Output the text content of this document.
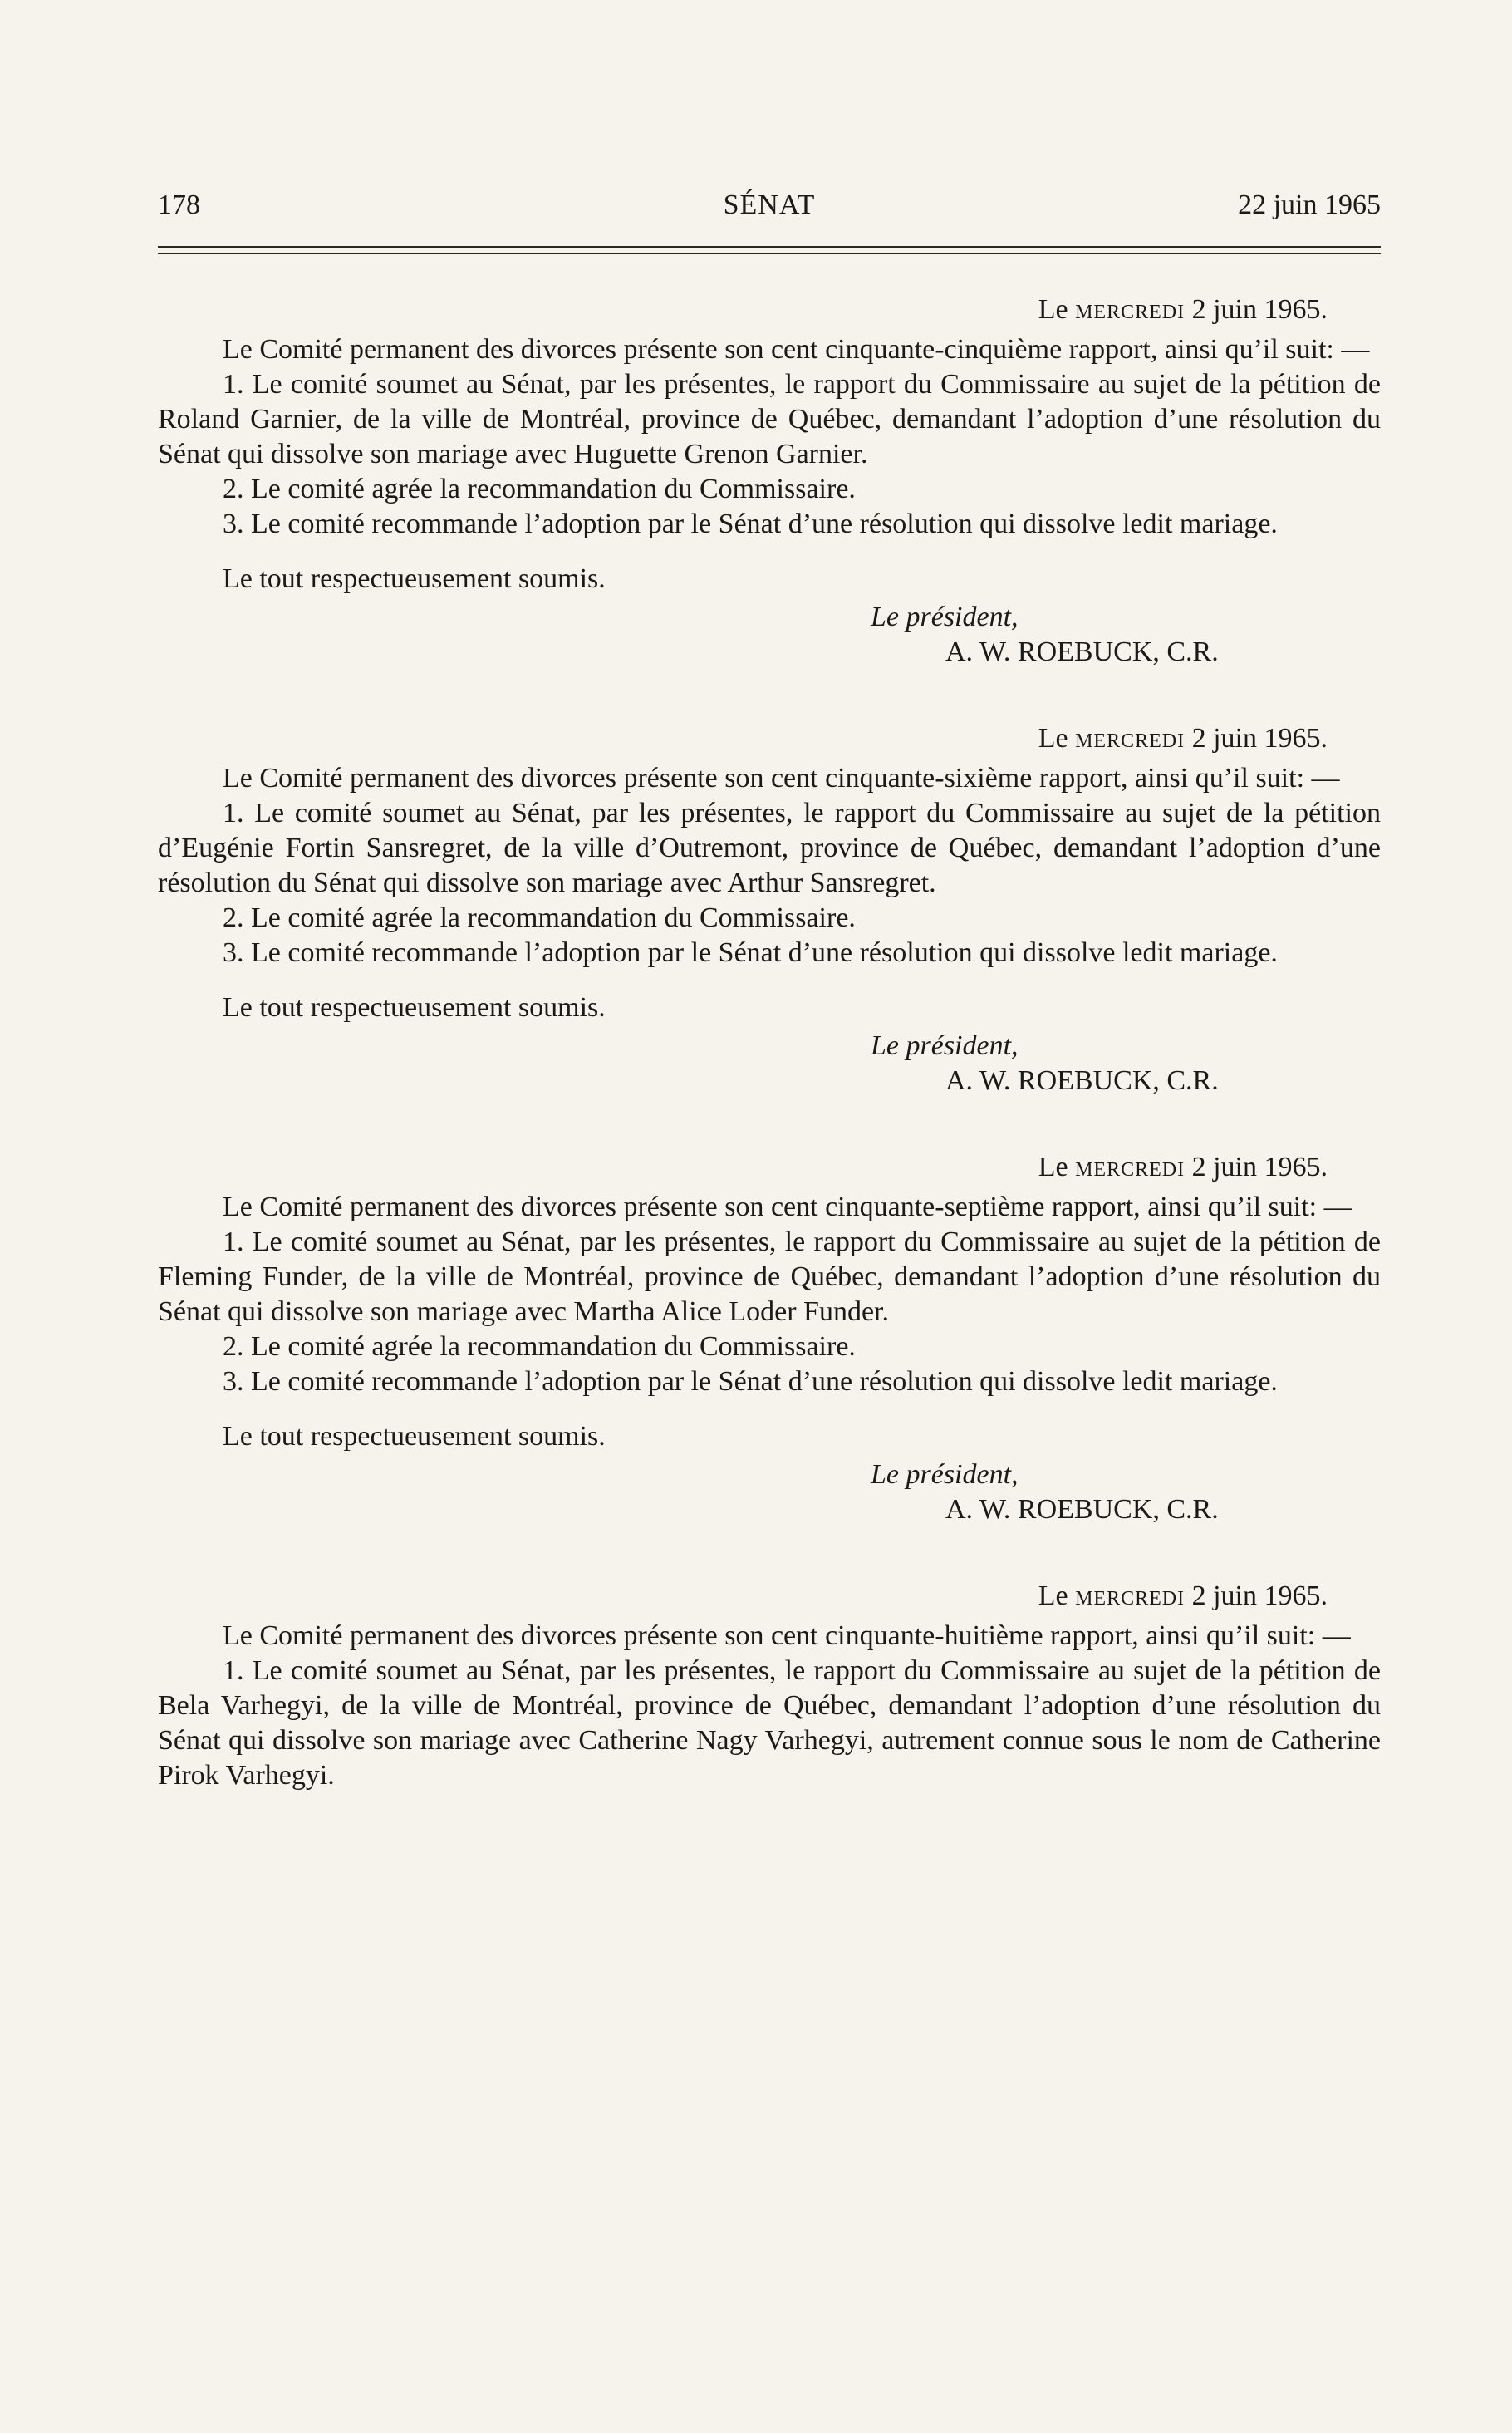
178	SÉNAT	22 juin 1965
Le mercredi 2 juin 1965.

Le Comité permanent des divorces présente son cent cinquante-cinquième rapport, ainsi qu’il suit: —

1. Le comité soumet au Sénat, par les présentes, le rapport du Commissaire au sujet de la pétition de Roland Garnier, de la ville de Montréal, province de Québec, demandant l’adoption d’une résolution du Sénat qui dissolve son mariage avec Huguette Grenon Garnier.

2. Le comité agrée la recommandation du Commissaire.

3. Le comité recommande l’adoption par le Sénat d’une résolution qui dissolve ledit mariage.

Le tout respectueusement soumis.

Le président,
A. W. ROEBUCK, C.R.
Le mercredi 2 juin 1965.

Le Comité permanent des divorces présente son cent cinquante-sixième rapport, ainsi qu’il suit: —

1. Le comité soumet au Sénat, par les présentes, le rapport du Commissaire au sujet de la pétition d’Eugénie Fortin Sansregret, de la ville d’Outremont, province de Québec, demandant l’adoption d’une résolution du Sénat qui dissolve son mariage avec Arthur Sansregret.

2. Le comité agrée la recommandation du Commissaire.

3. Le comité recommande l’adoption par le Sénat d’une résolution qui dissolve ledit mariage.

Le tout respectueusement soumis.

Le président,
A. W. ROEBUCK, C.R.
Le mercredi 2 juin 1965.

Le Comité permanent des divorces présente son cent cinquante-septième rapport, ainsi qu’il suit: —

1. Le comité soumet au Sénat, par les présentes, le rapport du Commissaire au sujet de la pétition de Fleming Funder, de la ville de Montréal, province de Québec, demandant l’adoption d’une résolution du Sénat qui dissolve son mariage avec Martha Alice Loder Funder.

2. Le comité agrée la recommandation du Commissaire.

3. Le comité recommande l’adoption par le Sénat d’une résolution qui dissolve ledit mariage.

Le tout respectueusement soumis.

Le président,
A. W. ROEBUCK, C.R.
Le mercredi 2 juin 1965.

Le Comité permanent des divorces présente son cent cinquante-huitième rapport, ainsi qu’il suit: —

1. Le comité soumet au Sénat, par les présentes, le rapport du Commissaire au sujet de la pétition de Bela Varhegyi, de la ville de Montréal, province de Québec, demandant l’adoption d’une résolution du Sénat qui dissolve son mariage avec Catherine Nagy Varhegyi, autrement connue sous le nom de Catherine Pirok Varhegyi.
